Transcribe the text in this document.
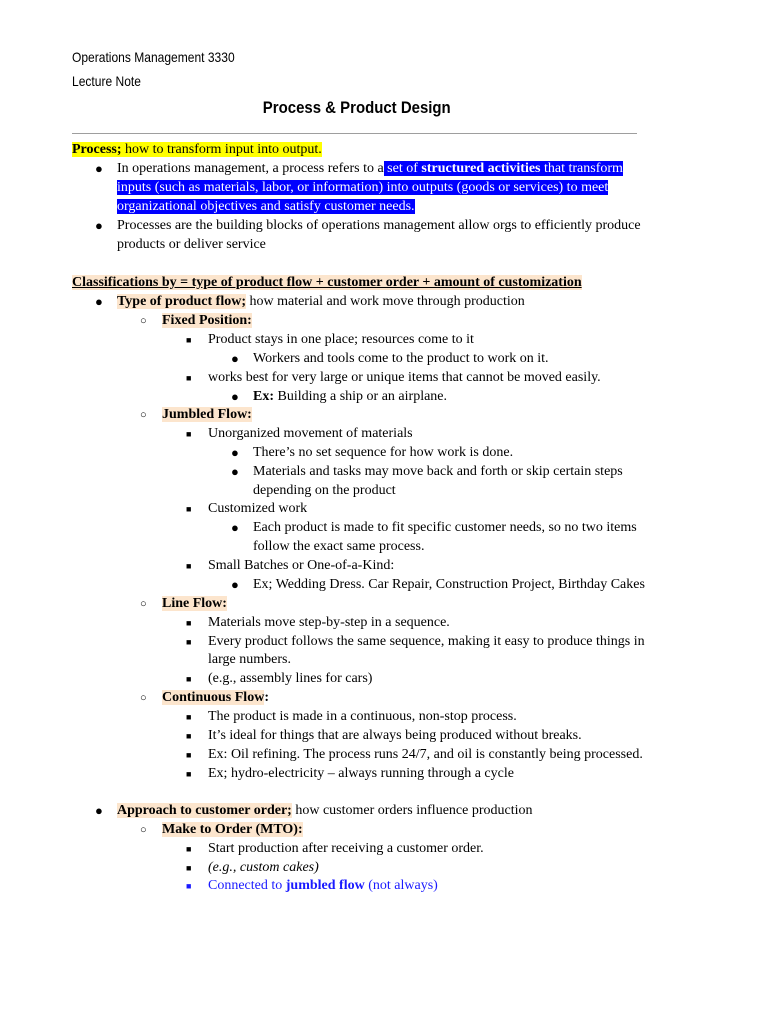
Operations Management 3330
Lecture Note
Process & Product Design
Process; how to transform input into output.
● In operations management, a process refers to a set of structured activities that transform
inputs (such as materials, labor, or information) into outputs (goods or services) to meet
organizational objectives and satisfy customer needs.
● Processes are the building blocks of operations management allow orgs to efficiently produce
products or deliver service
Classifications by = type of product flow + customer order + amount of customization
● Type of product flow; how material and work move through production
○ Fixed Position:
■ Product stays in one place; resources come to it
● Workers and tools come to the product to work on it.
■ works best for very large or unique items that cannot be moved easily.
● Ex: Building a ship or an airplane.
○ Jumbled Flow:
■ Unorganized movement of materials
● There’s no set sequence for how work is done.
● Materials and tasks may move back and forth or skip certain steps
depending on the product
■ Customized work
● Each product is made to fit specific customer needs, so no two items
follow the exact same process.
■ Small Batches or One-of-a-Kind:
● Ex; Wedding Dress. Car Repair, Construction Project, Birthday Cakes
○ Line Flow:
■ Materials move step-by-step in a sequence.
■ Every product follows the same sequence, making it easy to produce things in
large numbers.
■ (e.g., assembly lines for cars)
○ Continuous Flow:
■ The product is made in a continuous, non-stop process.
■ It’s ideal for things that are always being produced without breaks.
■ Ex: Oil refining. The process runs 24/7, and oil is constantly being processed.
■ Ex; hydro-electricity – always running through a cycle
● Approach to customer order; how customer orders influence production
○ Make to Order (MTO):
■ Start production after receiving a customer order.
■ (e.g., custom cakes)
■ Connected to jumbled flow (not always)
